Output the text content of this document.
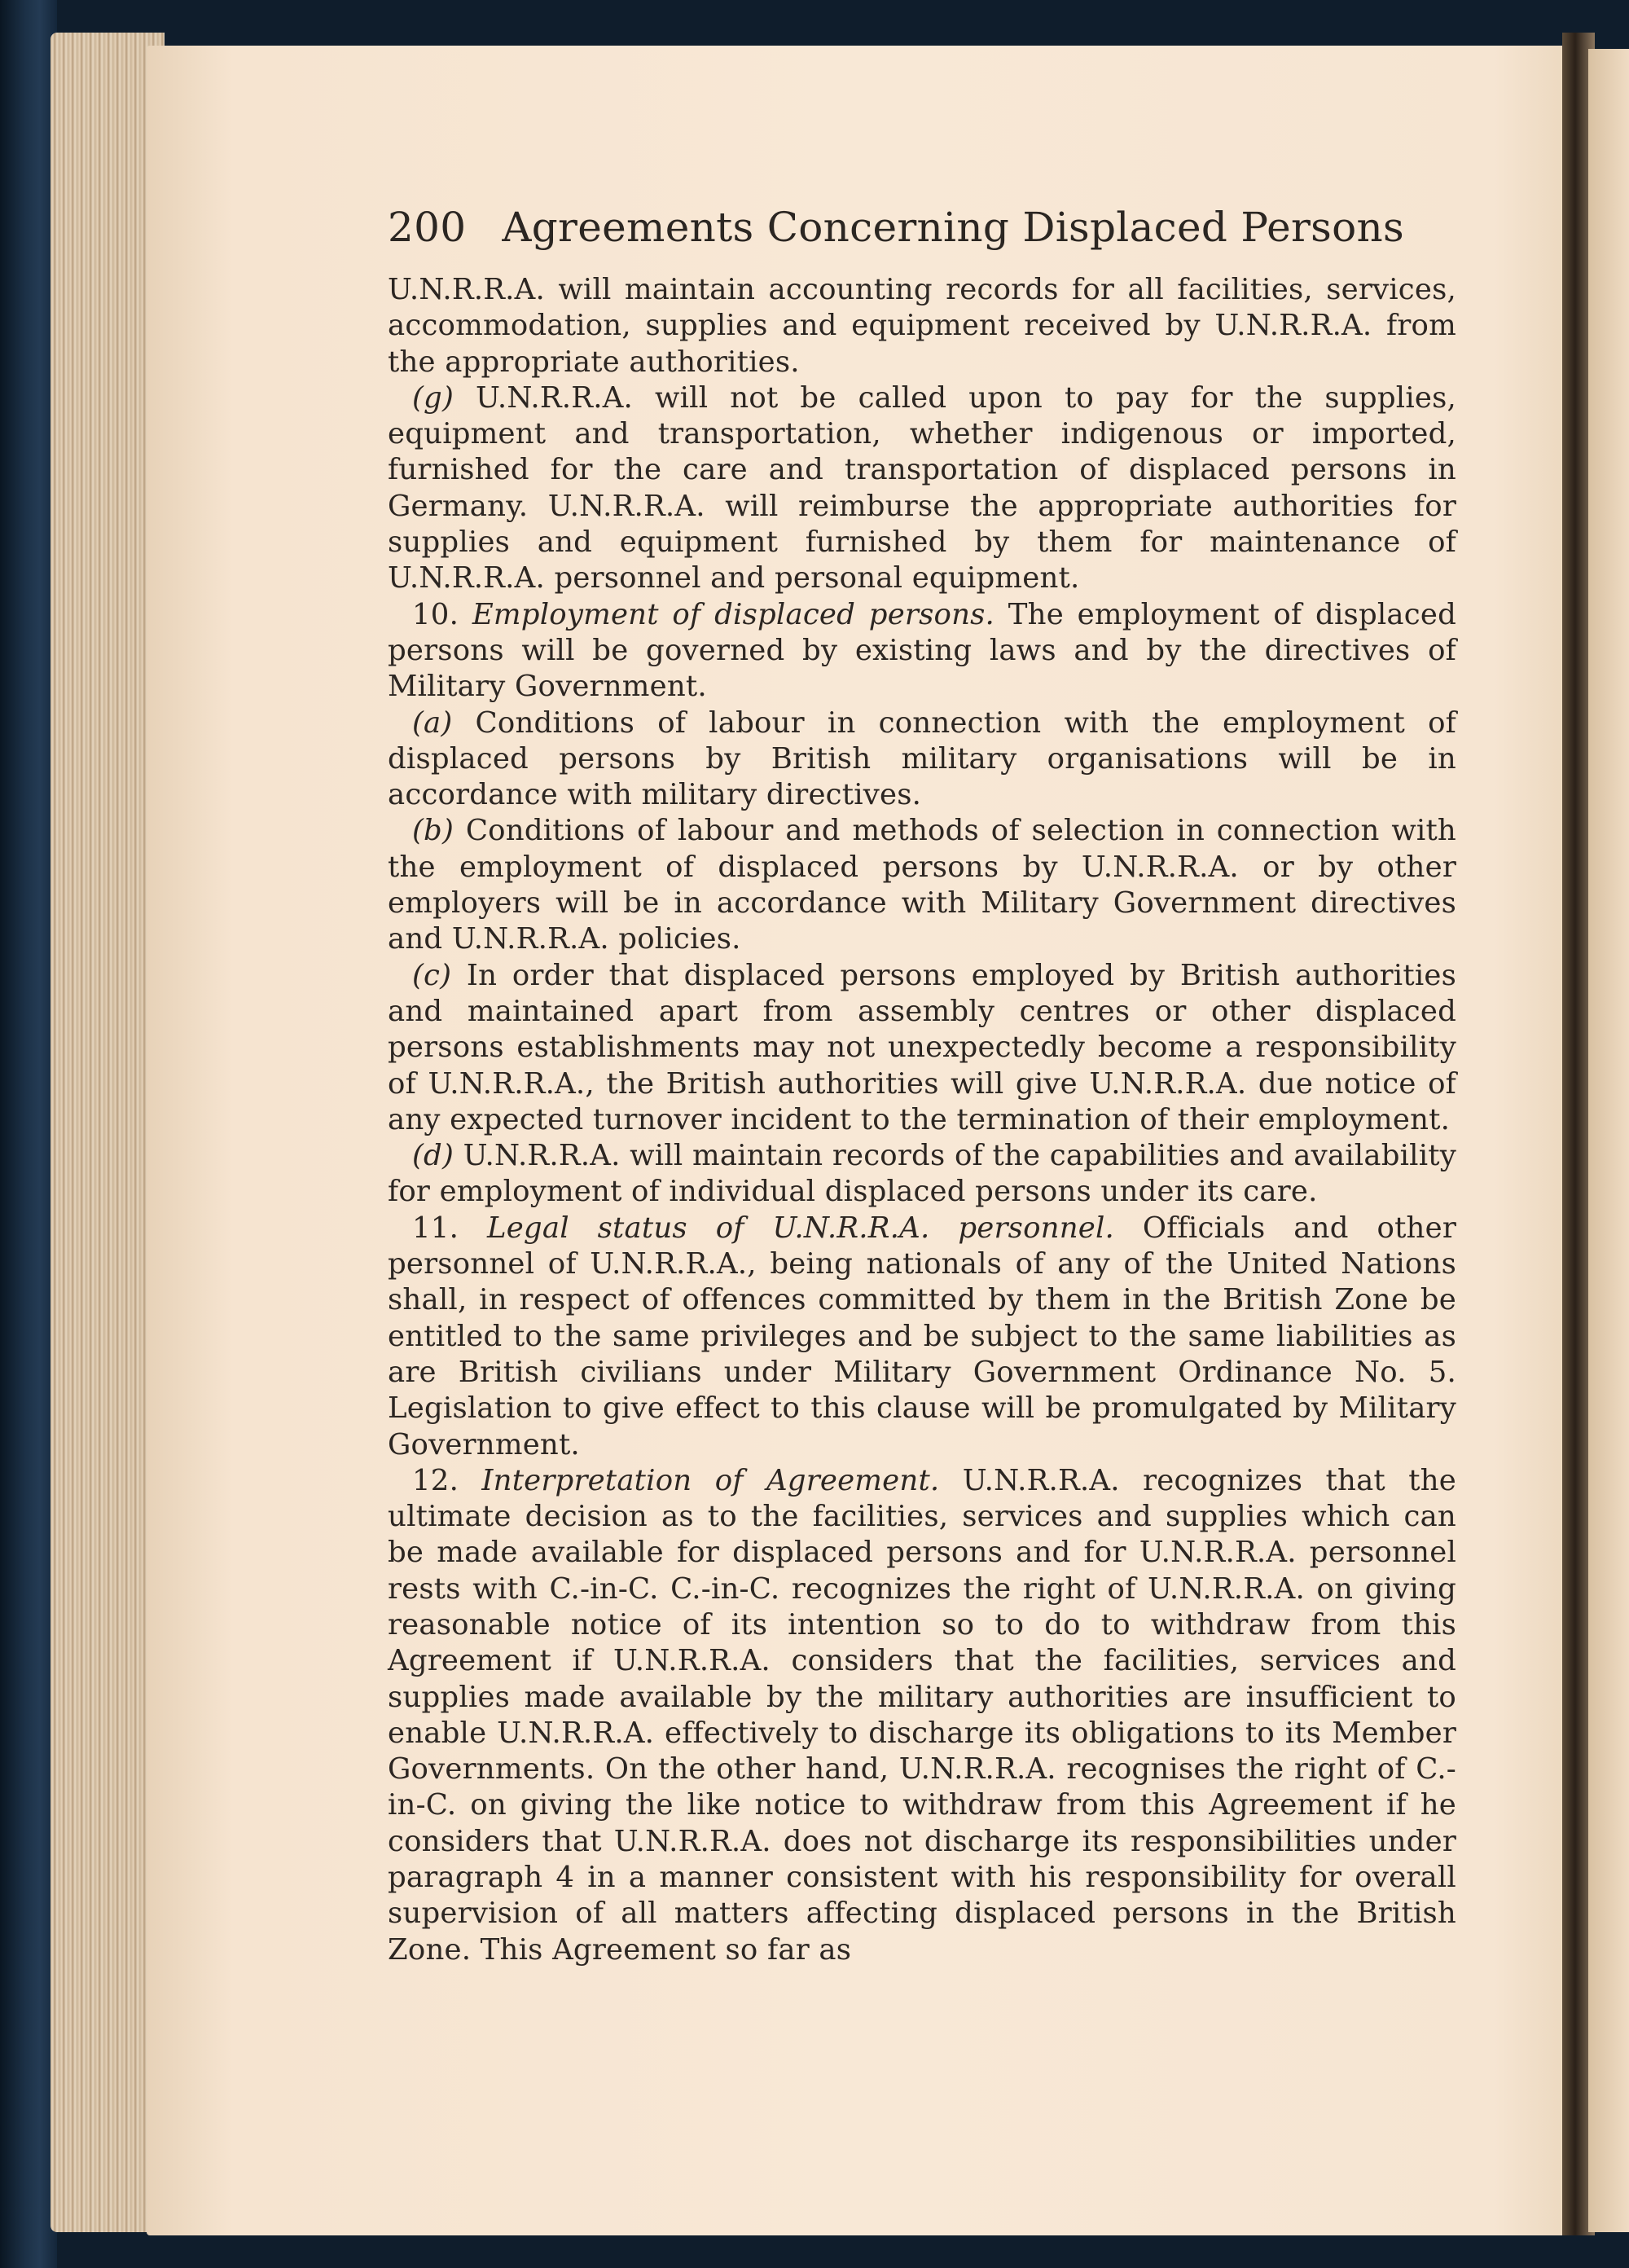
200 Agreements Concerning Displaced Persons

U.N.R.R.A. will maintain accounting records for all facilities, services, accommodation, supplies and equipment received by U.N.R.R.A. from the appropriate authorities.

(g) U.N.R.R.A. will not be called upon to pay for the supplies, equipment and transportation, whether indigenous or imported, furnished for the care and transportation of displaced persons in Germany. U.N.R.R.A. will reimburse the appropriate authorities for supplies and equipment furnished by them for maintenance of U.N.R.R.A. personnel and personal equipment.

10. Employment of displaced persons. The employment of displaced persons will be governed by existing laws and by the directives of Military Government.

(a) Conditions of labour in connection with the employment of displaced persons by British military organisations will be in accordance with military directives.

(b) Conditions of labour and methods of selection in connection with the employment of displaced persons by U.N.R.R.A. or by other employers will be in accordance with Military Government directives and U.N.R.R.A. policies.

(c) In order that displaced persons employed by British authorities and maintained apart from assembly centres or other displaced persons establishments may not unexpectedly become a responsibility of U.N.R.R.A., the British authorities will give U.N.R.R.A. due notice of any expected turnover incident to the termination of their employment.

(d) U.N.R.R.A. will maintain records of the capabilities and availability for employment of individual displaced persons under its care.

11. Legal status of U.N.R.R.A. personnel. Officials and other personnel of U.N.R.R.A., being nationals of any of the United Nations shall, in respect of offences committed by them in the British Zone be entitled to the same privileges and be subject to the same liabilities as are British civilians under Military Government Ordinance No. 5. Legislation to give effect to this clause will be promulgated by Military Government.

12. Interpretation of Agreement. U.N.R.R.A. recognizes that the ultimate decision as to the facilities, services and supplies which can be made available for displaced persons and for U.N.R.R.A. personnel rests with C.-in-C. C.-in-C. recognizes the right of U.N.R.R.A. on giving reasonable notice of its intention so to do to withdraw from this Agreement if U.N.R.R.A. considers that the facilities, services and supplies made available by the military authorities are insufficient to enable U.N.R.R.A. effectively to discharge its obligations to its Member Governments. On the other hand, U.N.R.R.A. recognises the right of C.-in-C. on giving the like notice to withdraw from this Agreement if he considers that U.N.R.R.A. does not discharge its responsibilities under paragraph 4 in a manner consistent with his responsibility for overall supervision of all matters affecting displaced persons in the British Zone. This Agreement so far as
